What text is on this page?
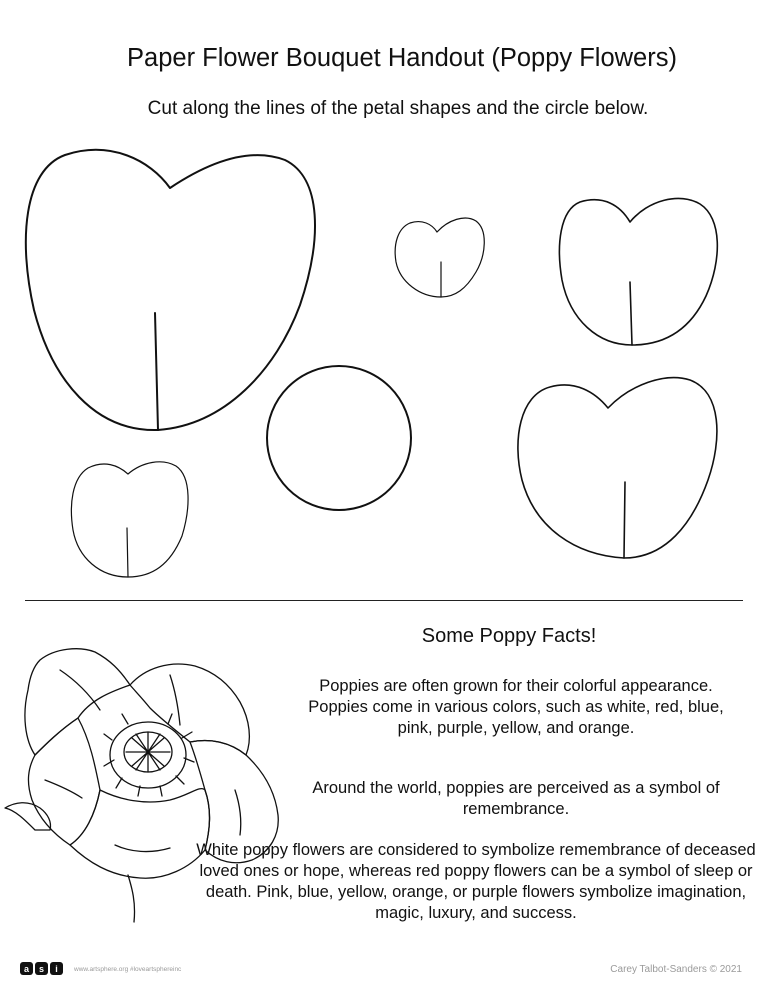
Paper Flower Bouquet Handout (Poppy Flowers)
Cut along the lines of the petal shapes and the circle below.
Some Poppy Facts!
Poppies are often grown for their colorful appearance. Poppies come in various colors, such as white, red, blue, pink, purple, yellow, and orange.
Around the world, poppies are perceived as a symbol of remembrance.
White poppy flowers are considered to symbolize remembrance of deceased loved ones or hope, whereas red poppy flowers can be a symbol of sleep or death. Pink, blue, yellow, orange, or purple flowers symbolize imagination, magic, luxury, and success.
a	s	i	www.artsphere.org #loveartsphereinc	Carey Talbot-Sanders © 2021
